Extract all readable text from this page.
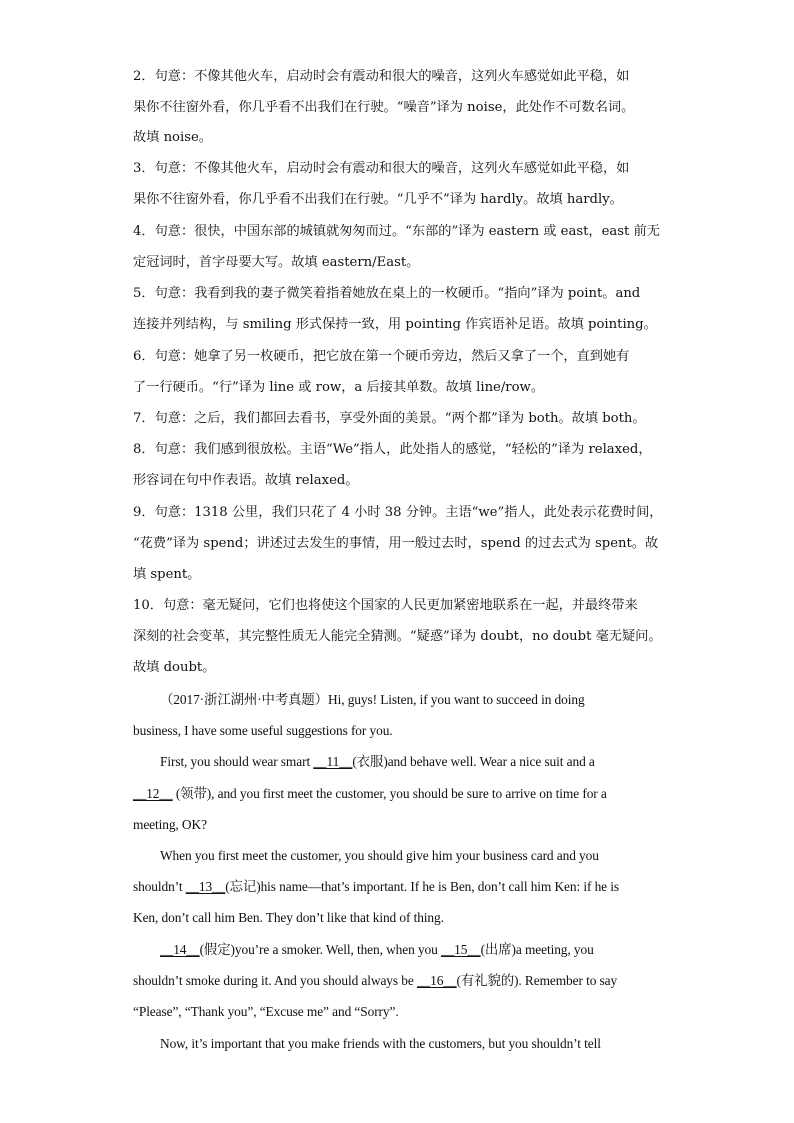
2．句意：不像其他火车，启动时会有震动和很大的噪音，这列火车感觉如此平稳，如
果你不往窗外看，你几乎看不出我们在行驶。“噪音”译为 noise，此处作不可数名词。
故填 noise。
3．句意：不像其他火车，启动时会有震动和很大的噪音，这列火车感觉如此平稳，如
果你不往窗外看，你几乎看不出我们在行驶。“几乎不”译为 hardly。故填 hardly。
4．句意：很快，中国东部的城镇就匆匆而过。“东部的”译为 eastern 或 east，east 前无
定冠词时，首字母要大写。故填 eastern/East。
5．句意：我看到我的妻子微笑着指着她放在桌上的一枚硬币。“指向”译为 point。and
连接并列结构，与 smiling 形式保持一致，用 pointing 作宾语补足语。故填 pointing。
6．句意：她拿了另一枚硬币，把它放在第一个硬币旁边，然后又拿了一个，直到她有
了一行硬币。“行”译为 line 或 row，a 后接其单数。故填 line/row。
7．句意：之后，我们都回去看书，享受外面的美景。“两个都”译为 both。故填 both。
8．句意：我们感到很放松。主语“We”指人，此处指人的感觉，“轻松的”译为 relaxed，
形容词在句中作表语。故填 relaxed。
9．句意：1318 公里，我们只花了 4 小时 38 分钟。主语“we”指人，此处表示花费时间，
“花费”译为 spend；讲述过去发生的事情，用一般过去时，spend 的过去式为 spent。故
填 spent。
10．句意：毫无疑问，它们也将使这个国家的人民更加紧密地联系在一起，并最终带来
深刻的社会变革，其完整性质无人能完全猜测。“疑惑”译为 doubt，no doubt 毫无疑问。
故填 doubt。
（2017·浙江湖州·中考真题）Hi, guys! Listen, if you want to succeed in doing
business, I have some useful suggestions for you.
First, you should wear smart __11__(衣服)and behave well. Wear a nice suit and a
__12__ (领带), and you first meet the customer, you should be sure to arrive on time for a
meeting, OK?
When you first meet the customer, you should give him your business card and you
shouldn’t __13__(忘记)his name—that’s important. If he is Ben, don’t call him Ken: if he is
Ken, don’t call him Ben. They don’t like that kind of thing.
__14__(假定)you’re a smoker. Well, then, when you __15__(出席)a meeting, you
shouldn’t smoke during it. And you should always be __16__(有礼貌的). Remember to say
“Please”, “Thank you”, “Excuse me” and “Sorry”.
Now, it’s important that you make friends with the customers, but you shouldn’t tell
